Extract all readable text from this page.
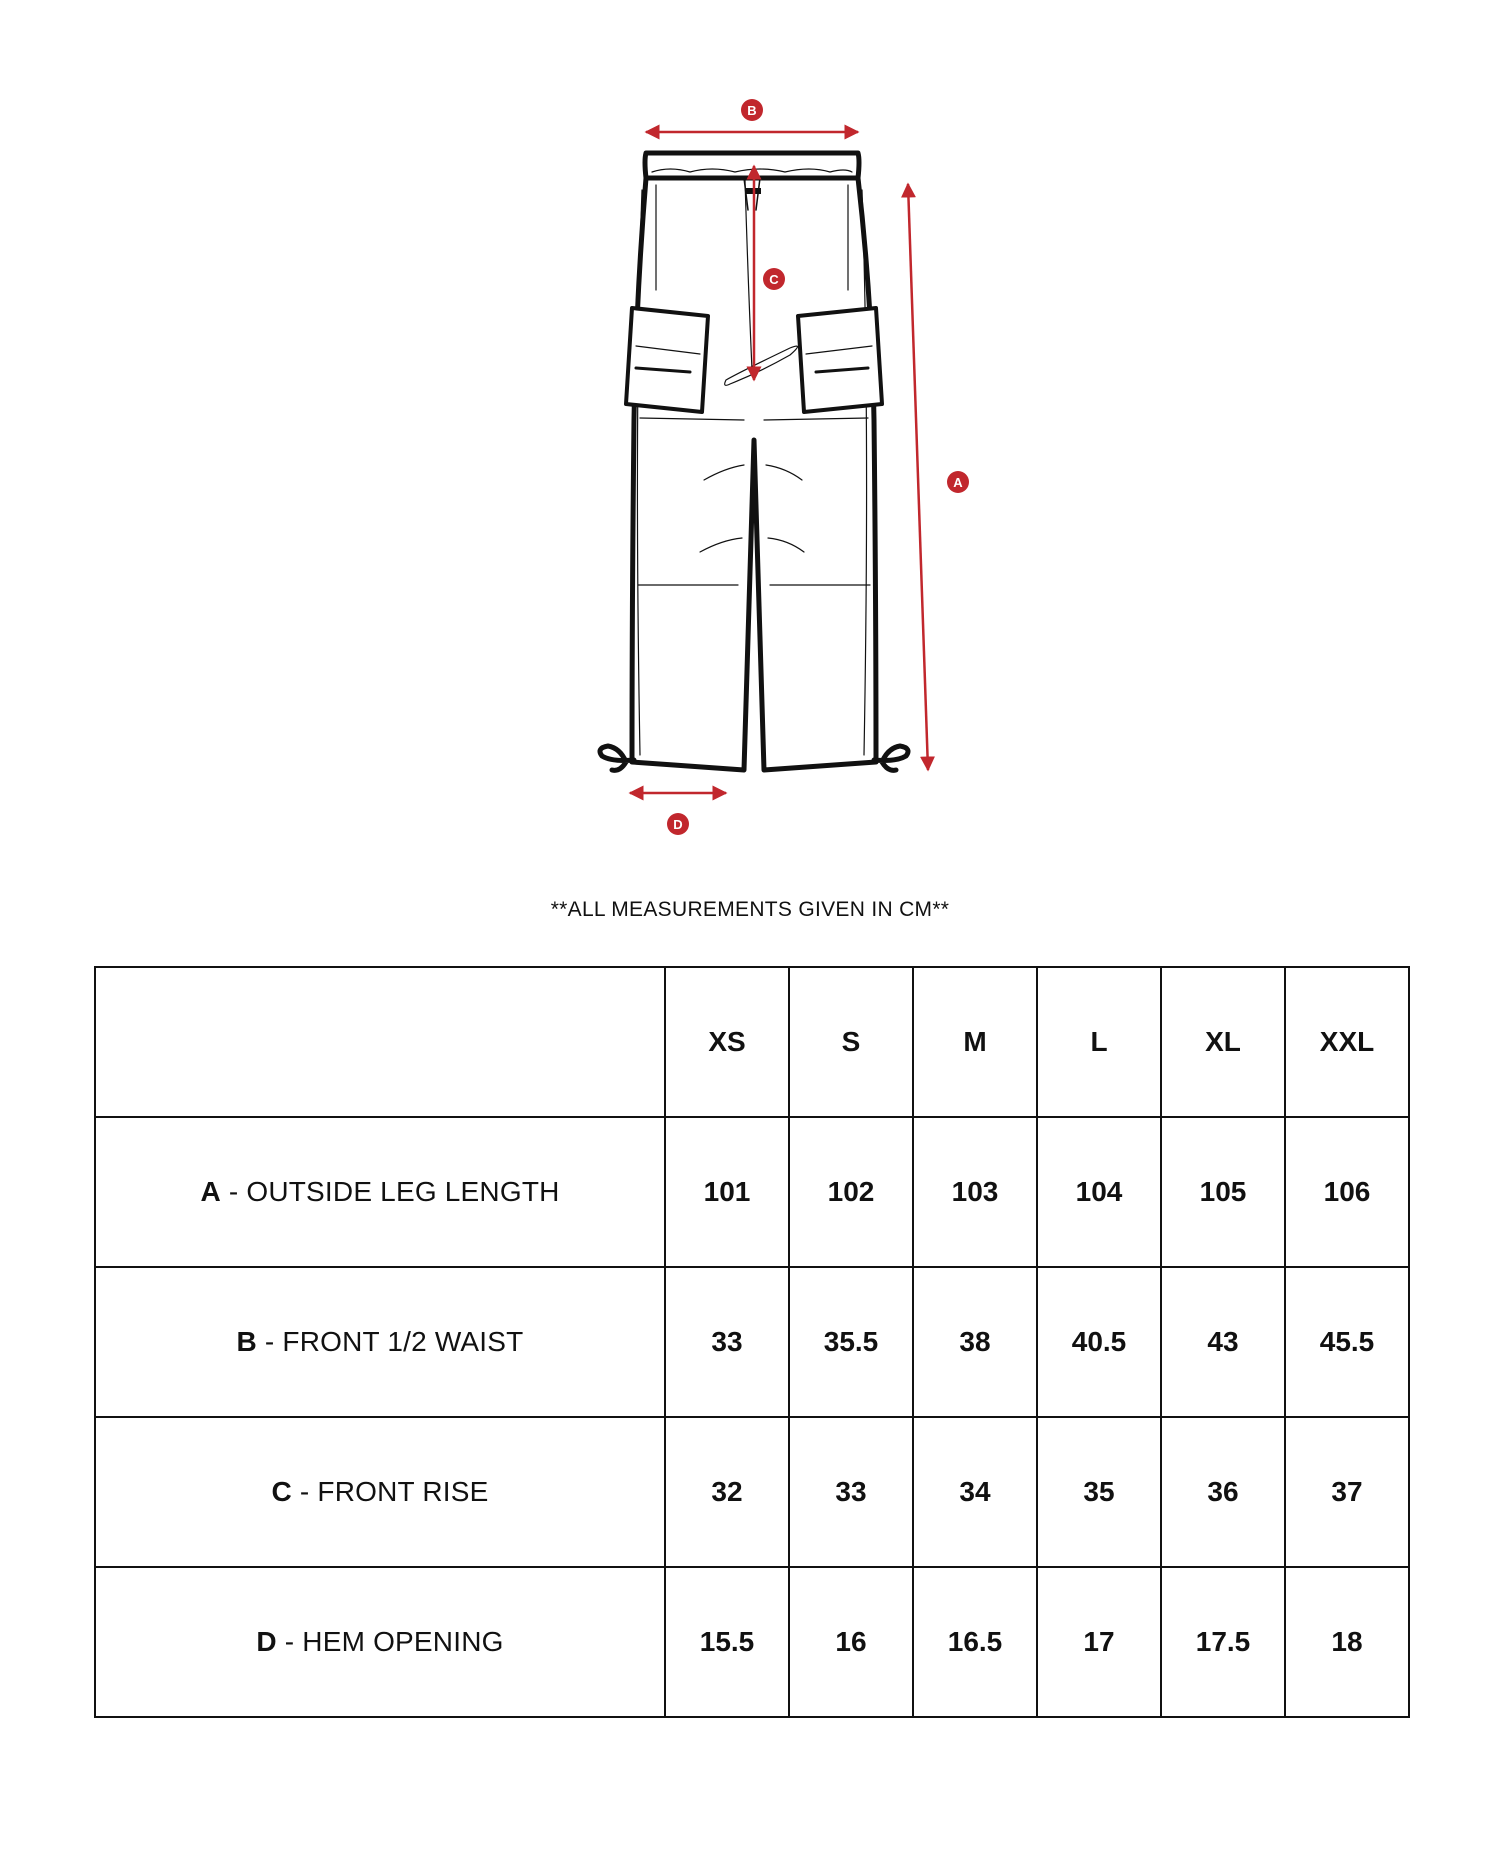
B
A
C
D
**ALL MEASUREMENTS GIVEN IN CM**
	XS	S	M	L	XL	XXL
A - OUTSIDE LEG LENGTH	101	102	103	104	105	106
B - FRONT 1/2 WAIST	33	35.5	38	40.5	43	45.5
C - FRONT RISE	32	33	34	35	36	37
D - HEM OPENING	15.5	16	16.5	17	17.5	18
